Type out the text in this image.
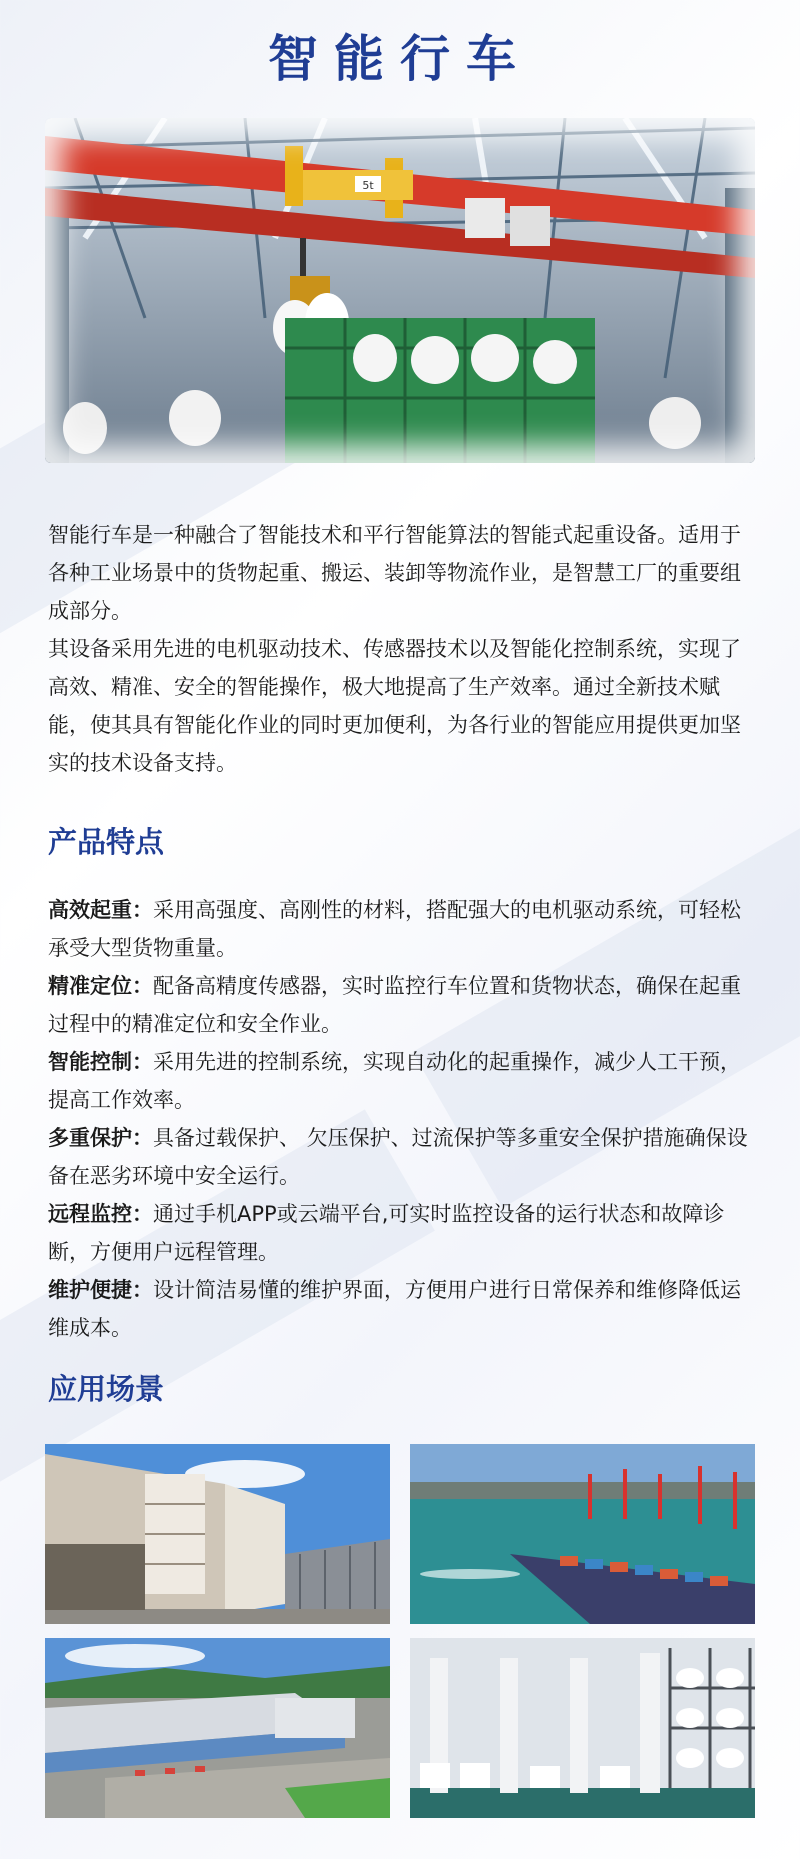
智能行车
5t

智能行车是一种融合了智能技术和平行智能算法的智能式起重设备。适用于各种工业场景中的货物起重、搬运、装卸等物流作业，是智慧工厂的重要组成部分。

其设备采用先进的电机驱动技术、传感器技术以及智能化控制系统，实现了高效、精准、安全的智能操作，极大地提高了生产效率。通过全新技术赋能，使其具有智能化作业的同时更加便利，为各行业的智能应用提供更加坚实的技术设备支持。

产品特点
高效起重：采用高强度、高刚性的材料，搭配强大的电机驱动系统，可轻松承受大型货物重量。
精准定位：配备高精度传感器，实时监控行车位置和货物状态，确保在起重过程中的精准定位和安全作业。
智能控制：采用先进的控制系统，实现自动化的起重操作，减少人工干预，提高工作效率。
多重保护：具备过载保护、 欠压保护、过流保护等多重安全保护措施确保设备在恶劣环境中安全运行。
远程监控：通过手机APP或云端平台,可实时监控设备的运行状态和故障诊断，方便用户远程管理。
维护便捷：设计简洁易懂的维护界面，方便用户进行日常保养和维修降低运维成本。
应用场景
